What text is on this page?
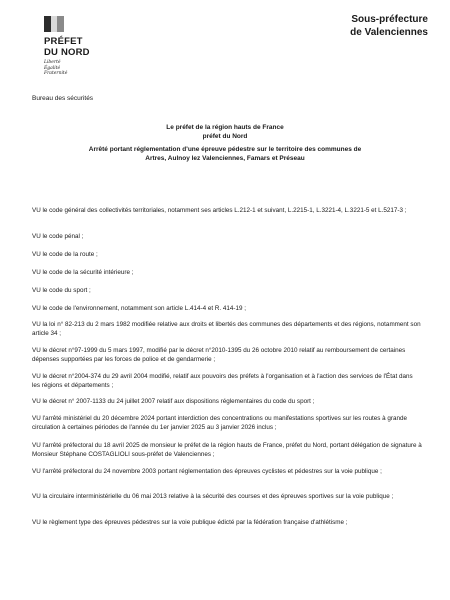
PRÉFET
DU NORD
Liberté
Égalité
Fraternité
Sous-préfecture
de Valenciennes
Bureau des sécurités
Le préfet de la région hauts de France
préfet du Nord
Arrêté portant réglementation d'une épreuve pédestre sur le territoire des communes de Artres, Aulnoy lez Valenciennes, Famars et Préseau
VU le code général des collectivités territoriales, notamment ses articles L.212-1 et suivant, L.2215-1, L.3221-4, L.3221-5 et L.5217-3 ;
VU le code pénal ;
VU le code de la route ;
VU le code de la sécurité intérieure ;
VU le code du sport ;
VU le code de l'environnement, notamment son article L.414-4 et R. 414-19 ;
VU la loi n° 82-213 du 2 mars 1982 modifiée relative aux droits et libertés des communes des départements et des régions, notamment son article 34 ;
VU le décret n°97-1999 du 5 mars 1997, modifié par le décret n°2010-1395 du 26 octobre 2010 relatif au remboursement de certaines dépenses supportées par les forces de police et de gendarmerie ;
VU le décret n°2004-374 du 29 avril 2004 modifié, relatif aux pouvoirs des préfets à l'organisation et à l'action des services de l'État dans les régions et départements ;
VU le décret n° 2007-1133 du 24 juillet 2007 relatif aux dispositions réglementaires du code du sport ;
VU l'arrêté ministériel du 20 décembre 2024 portant interdiction des concentrations ou manifestations sportives sur les routes à grande circulation à certaines périodes de l'année du 1er janvier 2025 au 3 janvier 2026 inclus ;
VU l'arrêté préfectoral du 18 avril 2025 de monsieur le préfet de la région hauts de France, préfet du Nord, portant délégation de signature à Monsieur Stéphane COSTAGLIOLI sous-préfet de Valenciennes ;
VU l'arrêté préfectoral du 24 novembre 2003 portant réglementation des épreuves cyclistes et pédestres sur la voie publique ;
VU la circulaire interministérielle du 06 mai 2013 relative à la sécurité des courses et des épreuves sportives sur la voie publique ;
VU le règlement type des épreuves pédestres sur la voie publique édicté par la fédération française d'athlétisme ;
